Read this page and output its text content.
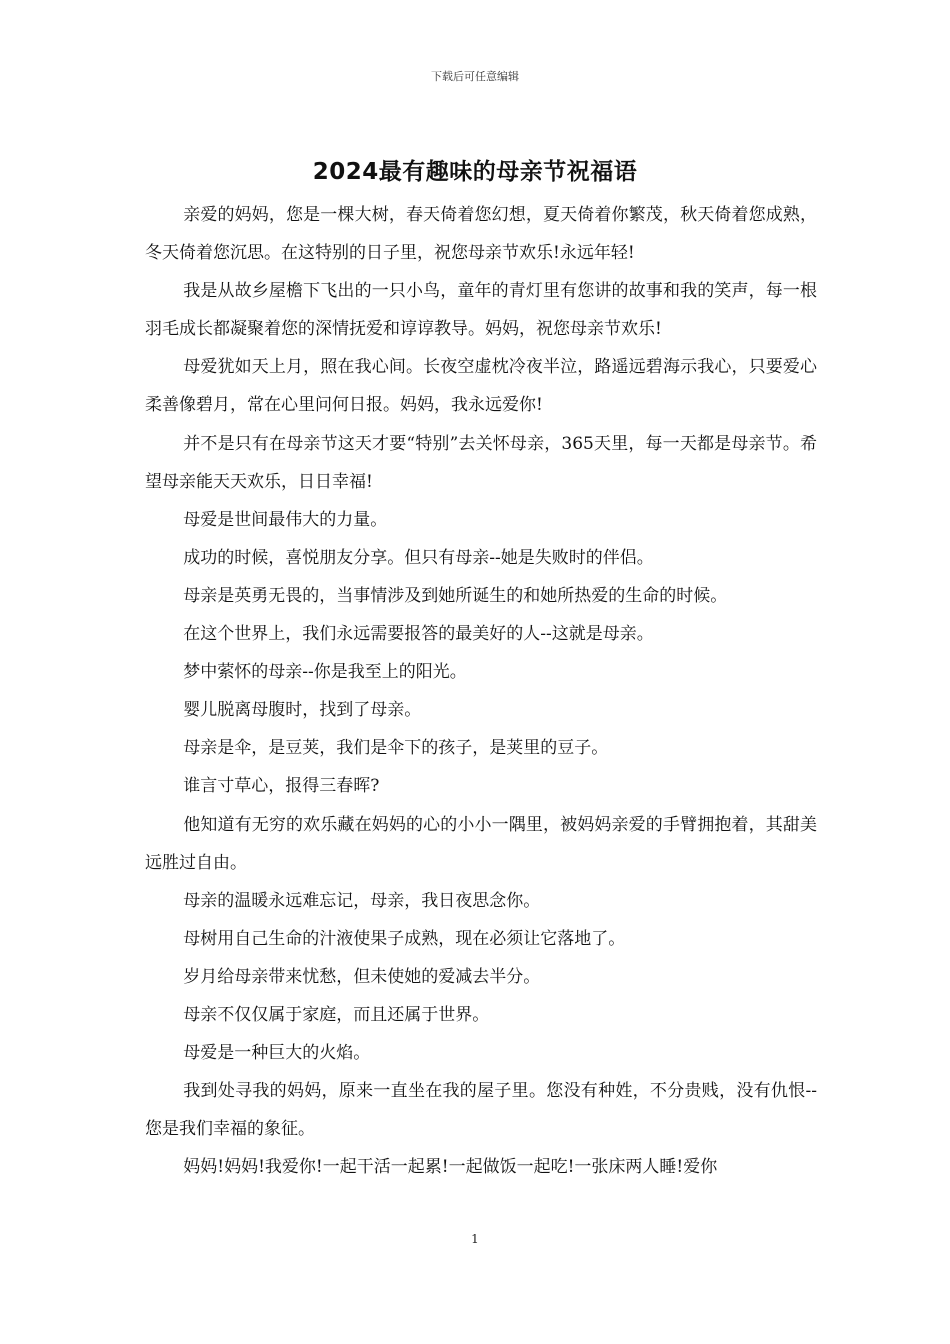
下载后可任意编辑
2024最有趣味的母亲节祝福语

亲爱的妈妈，您是一棵大树，春天倚着您幻想，夏天倚着你繁茂，秋天倚着您成熟，冬天倚着您沉思。在这特别的日子里，祝您母亲节欢乐!永远年轻!

我是从故乡屋檐下飞出的一只小鸟，童年的青灯里有您讲的故事和我的笑声，每一根羽毛成长都凝聚着您的深情抚爱和谆谆教导。妈妈，祝您母亲节欢乐!

母爱犹如天上月，照在我心间。长夜空虚枕冷夜半泣，路遥远碧海示我心，只要爱心柔善像碧月，常在心里问何日报。妈妈，我永远爱你!

并不是只有在母亲节这天才要“特别”去关怀母亲，365天里，每一天都是母亲节。希望母亲能天天欢乐，日日幸福!

母爱是世间最伟大的力量。

成功的时候，喜悦朋友分享。但只有母亲--她是失败时的伴侣。

母亲是英勇无畏的，当事情涉及到她所诞生的和她所热爱的生命的时候。

在这个世界上，我们永远需要报答的最美好的人--这就是母亲。

梦中萦怀的母亲--你是我至上的阳光。

婴儿脱离母腹时，找到了母亲。

母亲是伞，是豆荚，我们是伞下的孩子，是荚里的豆子。

谁言寸草心，报得三春晖?

他知道有无穷的欢乐藏在妈妈的心的小小一隅里，被妈妈亲爱的手臂拥抱着，其甜美远胜过自由。

母亲的温暖永远难忘记，母亲，我日夜思念你。

母树用自己生命的汁液使果子成熟，现在必须让它落地了。

岁月给母亲带来忧愁，但未使她的爱减去半分。

母亲不仅仅属于家庭，而且还属于世界。

母爱是一种巨大的火焰。

我到处寻我的妈妈，原来一直坐在我的屋子里。您没有种姓，不分贵贱，没有仇恨--您是我们幸福的象征。

妈妈!妈妈!我爱你!一起干活一起累!一起做饭一起吃!一张床两人睡!爱你

1
